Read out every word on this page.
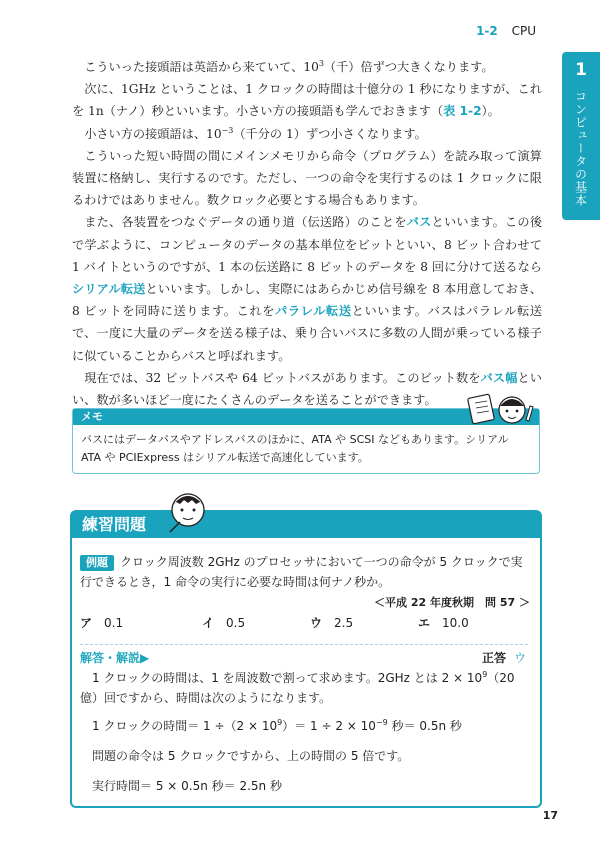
1-2 CPU
1
コンピュータの基本

こういった接頭語は英語から来ていて、$10^3$（千）倍ずつ大きくなります。

次に、1GHz ということは、1 クロックの時間は十億分の 1 秒になりますが、これを 1n（ナノ）秒といいます。小さい方の接頭語も学んでおきます（表 1-2）。

小さい方の接頭語は、$10^{-3}$（千分の 1）ずつ小さくなります。

こういった短い時間の間にメインメモリから命令（プログラム）を読み取って演算装置に格納し、実行するのです。ただし、一つの命令を実行するのは 1 クロックに限るわけではありません。数クロック必要とする場合もあります。

また、各装置をつなぐデータの通り道（伝送路）のことをバスといいます。この後で学ぶように、コンピュータのデータの基本単位をビットといい、8 ビット合わせて 1 バイトというのですが、1 本の伝送路に 8 ビットのデータを 8 回に分けて送るならシリアル転送といいます。しかし、実際にはあらかじめ信号線を 8 本用意しておき、8 ビットを同時に送ります。これをパラレル転送といいます。バスはパラレル転送で、一度に大量のデータを送る様子は、乗り合いバスに多数の人間が乗っている様子に似ていることからバスと呼ばれます。

現在では、32 ビットバスや 64 ビットバスがあります。このビット数をバス幅といい、数が多いほど一度にたくさんのデータを送ることができます。

メモ
バスにはデータバスやアドレスバスのほかに、ATA や SCSI などもあります。シリアル ATA や PCIExpress はシリアル転送で高速化しています。
練習問題
例題 クロック周波数 2GHz のプロセッサにおいて一つの命令が 5 クロックで実行できるとき，1 命令の実行に必要な時間は何ナノ秒か。
＜平成 22 年度秋期　問 57 ＞
ア 0.1	イ 0.5	ウ 2.5	エ 10.0
解答・解説▶	正答 ウ

1 クロックの時間は、1 を周波数で割って求めます。2GHz とは $2 \times 10^9(20$ 億）回ですから、時間は次のようになります。

1 クロックの時間＝ $1 \div(2 \times 10^9)= 1 \div 2 \times 10^{-9}$ 秒＝ 0.5n 秒

問題の命令は 5 クロックですから、上の時間の 5 倍です。

実行時間＝ 5 × 0.5n 秒＝ 2.5n 秒

17
